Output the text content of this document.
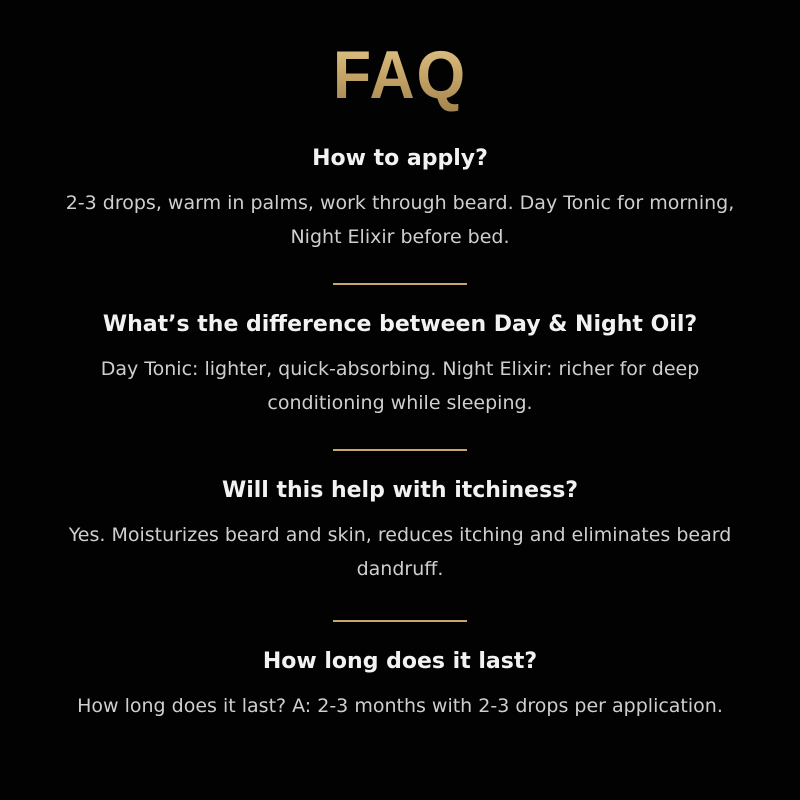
FAQ
How to apply?

2-3 drops, warm in palms, work through beard. Day Tonic for morning, Night Elixir before bed.

What’s the difference between Day & Night Oil?

Day Tonic: lighter, quick-absorbing. Night Elixir: richer for deep conditioning while sleeping.

Will this help with itchiness?

Yes. Moisturizes beard and skin, reduces itching and eliminates beard dandruff.

How long does it last?

How long does it last? A: 2-3 months with 2-3 drops per application.
